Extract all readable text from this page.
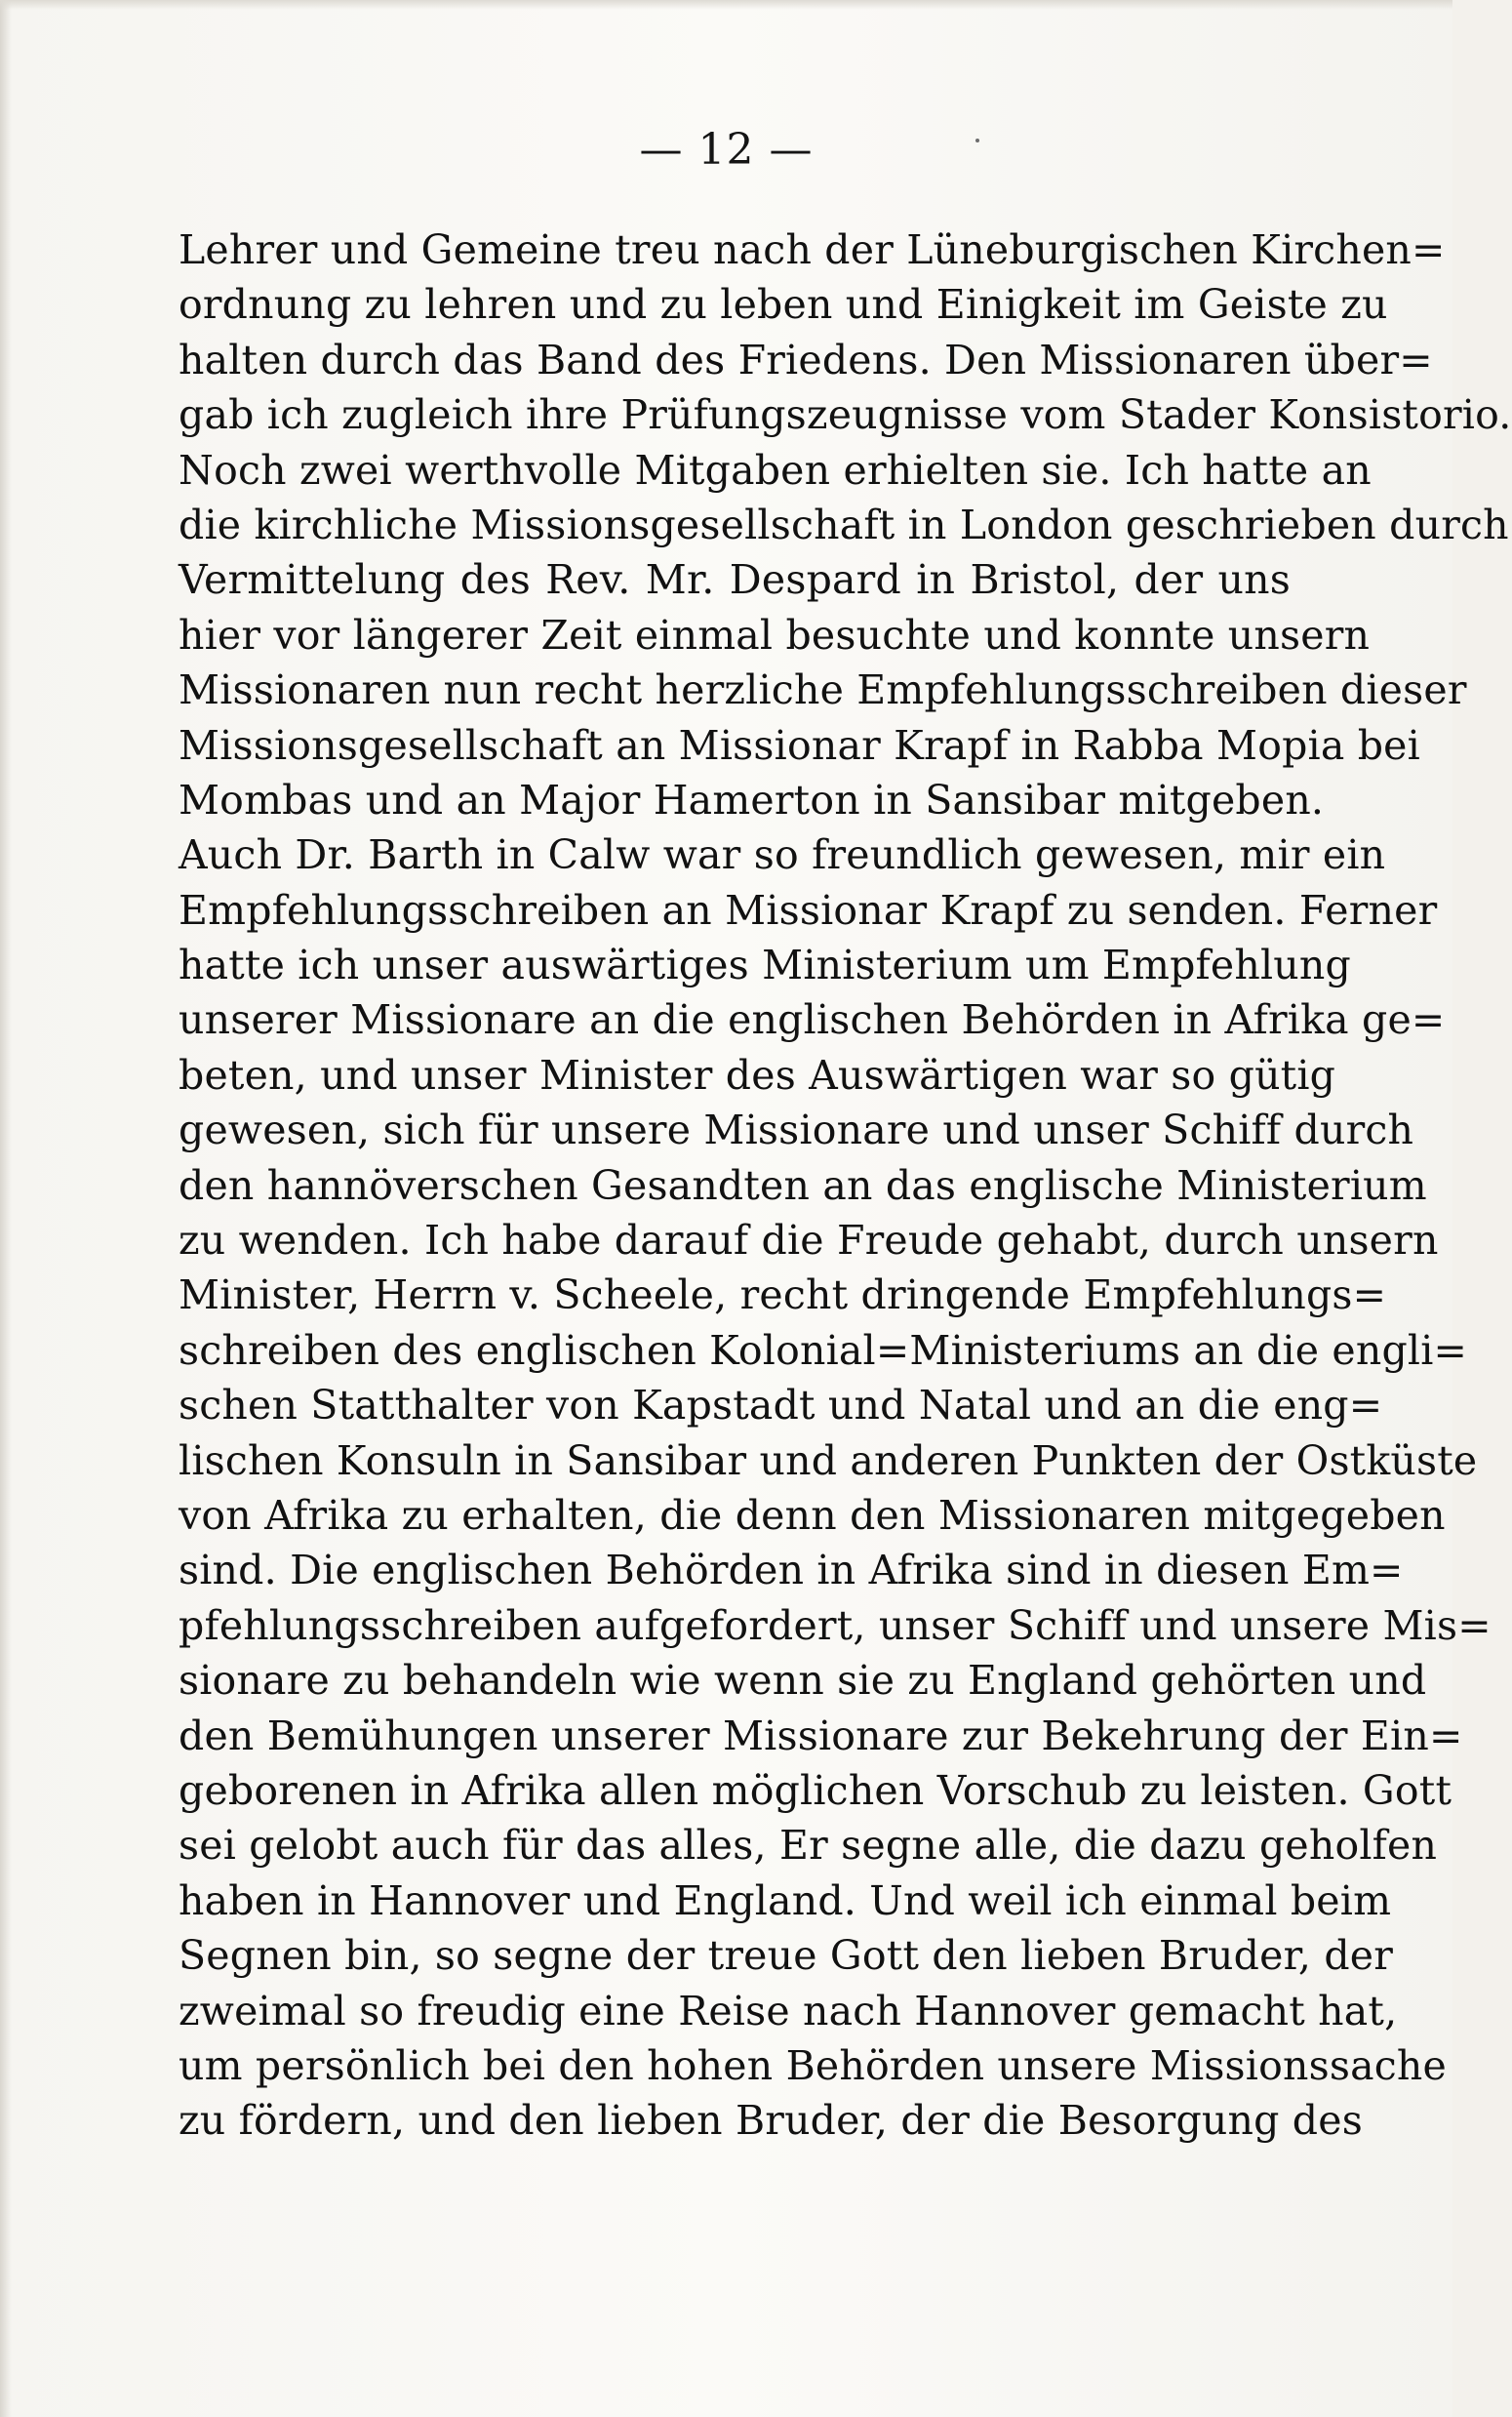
— 12 —
Lehrer und Gemeine treu nach der Lüneburgischen Kirchen=
ordnung zu lehren und zu leben und Einigkeit im Geiste zu
halten durch das Band des Friedens. Den Missionaren über=
gab ich zugleich ihre Prüfungszeugnisse vom Stader Konsistorio.
Noch zwei werthvolle Mitgaben erhielten sie. Ich hatte an
die kirchliche Missionsgesellschaft in London geschrieben durch
Vermittelung des Rev. Mr. Despard in Bristol, der uns
hier vor längerer Zeit einmal besuchte und konnte unsern
Missionaren nun recht herzliche Empfehlungsschreiben dieser
Missionsgesellschaft an Missionar Krapf in Rabba Mopia bei
Mombas und an Major Hamerton in Sansibar mitgeben.
Auch Dr. Barth in Calw war so freundlich gewesen, mir ein
Empfehlungsschreiben an Missionar Krapf zu senden. Ferner
hatte ich unser auswärtiges Ministerium um Empfehlung
unserer Missionare an die englischen Behörden in Afrika ge=
beten, und unser Minister des Auswärtigen war so gütig
gewesen, sich für unsere Missionare und unser Schiff durch
den hannöverschen Gesandten an das englische Ministerium
zu wenden. Ich habe darauf die Freude gehabt, durch unsern
Minister, Herrn v. Scheele, recht dringende Empfehlungs=
schreiben des englischen Kolonial=Ministeriums an die engli=
schen Statthalter von Kapstadt und Natal und an die eng=
lischen Konsuln in Sansibar und anderen Punkten der Ostküste
von Afrika zu erhalten, die denn den Missionaren mitgegeben
sind. Die englischen Behörden in Afrika sind in diesen Em=
pfehlungsschreiben aufgefordert, unser Schiff und unsere Mis=
sionare zu behandeln wie wenn sie zu England gehörten und
den Bemühungen unserer Missionare zur Bekehrung der Ein=
geborenen in Afrika allen möglichen Vorschub zu leisten. Gott
sei gelobt auch für das alles, Er segne alle, die dazu geholfen
haben in Hannover und England. Und weil ich einmal beim
Segnen bin, so segne der treue Gott den lieben Bruder, der
zweimal so freudig eine Reise nach Hannover gemacht hat,
um persönlich bei den hohen Behörden unsere Missionssache
zu fördern, und den lieben Bruder, der die Besorgung des
